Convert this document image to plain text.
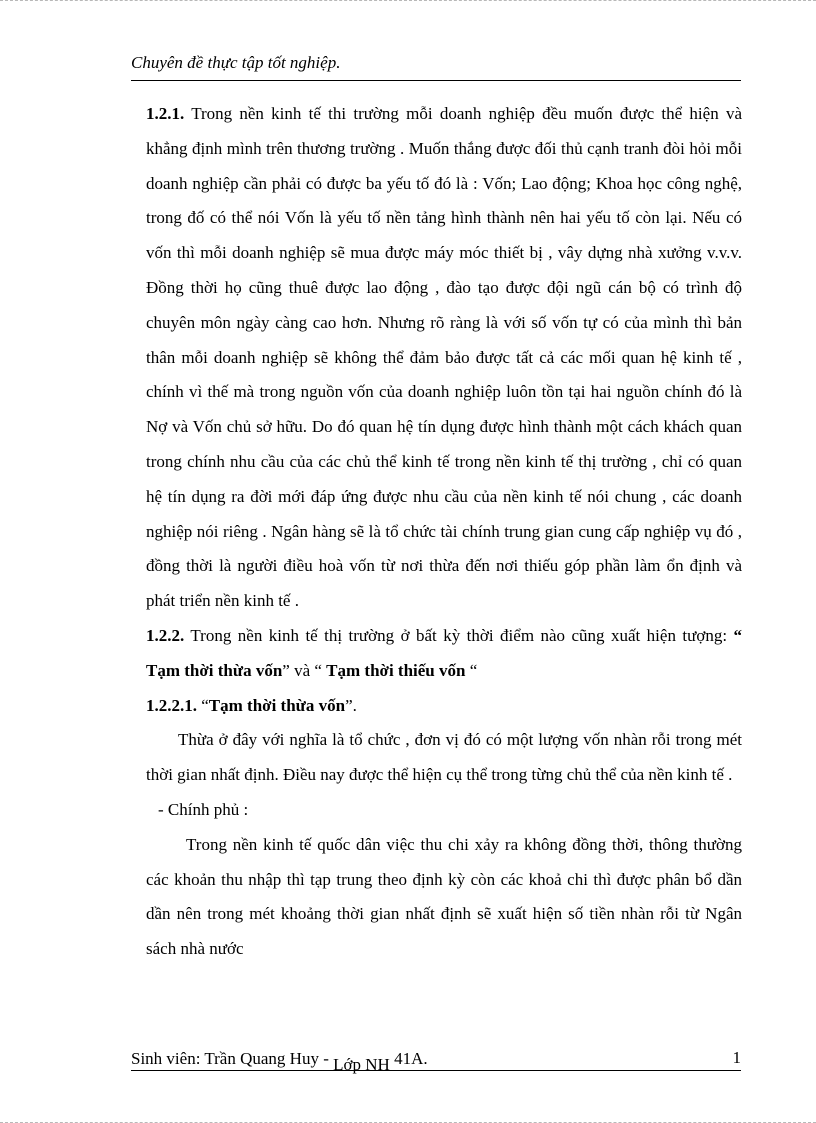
Chuyên đề thực tập tốt nghiệp.

1.2.1. Trong nền kinh tế thi trường mỗi doanh nghiệp đều muốn được thể hiện và khẳng định mình trên thương trường . Muốn thắng được đối thủ cạnh tranh đòi hỏi mỗi doanh nghiệp cần phải có được ba yếu tố đó là : Vốn; Lao động; Khoa học công nghệ, trong đố có thể nói Vốn là yếu tố nền tảng hình thành nên hai yếu tố còn lại. Nếu có vốn thì mỗi doanh nghiệp sẽ mua được máy móc thiết bị , vây dựng nhà xưởng v.v.v. Đồng thời họ cũng thuê được lao động , đào tạo được đội ngũ cán bộ có trình độ chuyên môn ngày càng cao hơn. Nhưng rõ ràng là với số vốn tự có của mình thì bản thân mỗi doanh nghiệp sẽ không thể đảm bảo được tất cả các mối quan hệ kinh tế , chính vì thế mà trong nguồn vốn của doanh nghiệp luôn tồn tại hai nguồn chính đó là Nợ và Vốn chủ sở hữu. Do đó quan hệ tín dụng được hình thành một cách khách quan trong chính nhu cầu của các chủ thể kinh tế trong nền kinh tế thị trường , chỉ có quan hệ tín dụng ra đời mới đáp ứng được nhu cầu của nền kinh tế nói chung , các doanh nghiệp nói riêng . Ngân hàng sẽ là tổ chức tài chính trung gian cung cấp nghiệp vụ đó , đồng thời là người điều hoà vốn từ nơi thừa đến nơi thiếu góp phần làm ổn định và phát triển nền kinh tế .

1.2.2. Trong nền kinh tế thị trường ở bất kỳ thời điểm nào cũng xuất hiện tượng: “ Tạm thời thừa vốn” và “ Tạm thời thiếu vốn “

1.2.2.1. “Tạm thời thừa vốn”.

Thừa ở đây với nghĩa là tổ chức , đơn vị đó có một lượng vốn nhàn rỗi trong mét thời gian nhất định. Điều nay được thể hiện cụ thể trong từng chủ thể của nền kinh tế .

- Chính phủ :

Trong nền kinh tế quốc dân việc thu chi xảy ra không đồng thời, thông thường các khoản thu nhập thì tạp trung theo định kỳ còn các khoả chi thì được phân bổ dần dần nên trong mét khoảng thời gian nhất định sẽ xuất hiện số tiền nhàn rỗi từ Ngân sách nhà nước

Sinh viên: Trần Quang Huy - Lớp NH 41A.	1
